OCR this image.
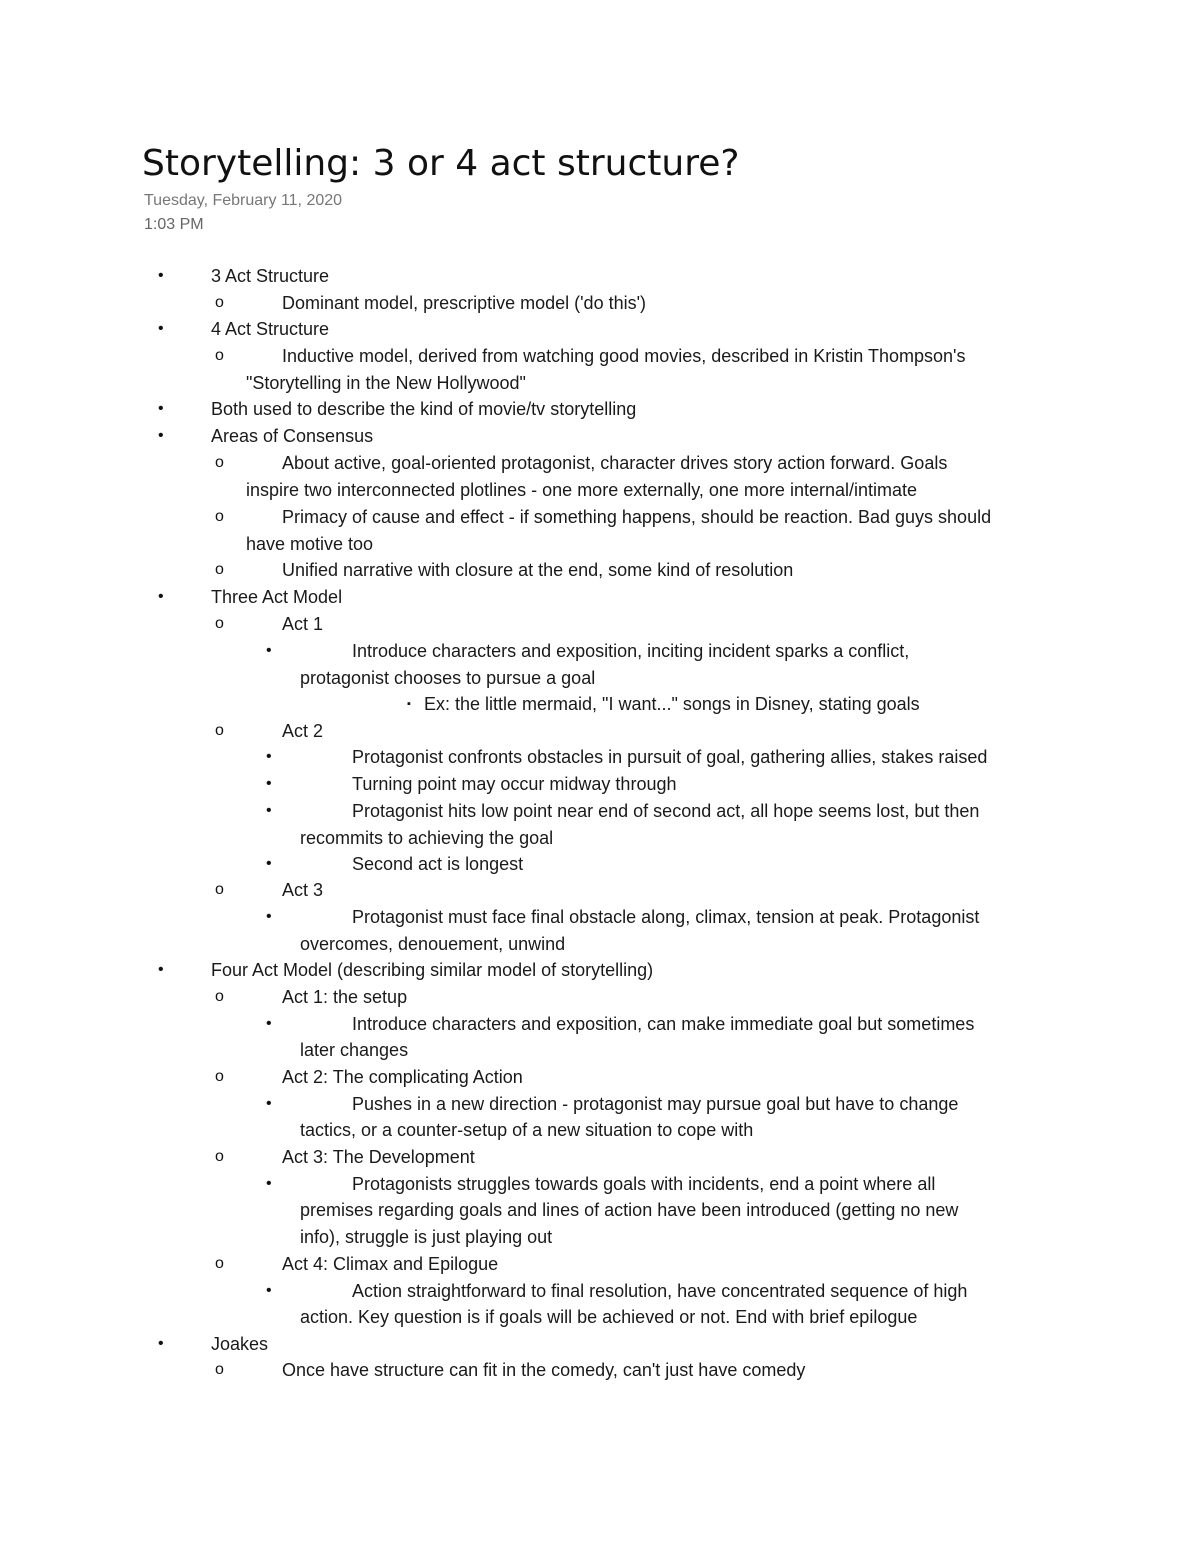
Storytelling: 3 or 4 act structure?
Tuesday, February 11, 2020
1:03 PM
•	3 Act Structure
o	Dominant model, prescriptive model ('do this')
•	4 Act Structure
o	Inductive model, derived from watching good movies, described in Kristin Thompson's
"Storytelling in the New Hollywood"
•	Both used to describe the kind of movie/tv storytelling
•	Areas of Consensus
o	About active, goal-oriented protagonist, character drives story action forward. Goals
inspire two interconnected plotlines - one more externally, one more internal/intimate
o	Primacy of cause and effect - if something happens, should be reaction. Bad guys should
have motive too
o	Unified narrative with closure at the end, some kind of resolution
•	Three Act Model
o	Act 1
•	Introduce characters and exposition, inciting incident sparks a conflict,
protagonist chooses to pursue a goal
▪ Ex: the little mermaid, "I want..." songs in Disney, stating goals
o	Act 2
•	Protagonist confronts obstacles in pursuit of goal, gathering allies, stakes raised
•	Turning point may occur midway through
•	Protagonist hits low point near end of second act, all hope seems lost, but then
recommits to achieving the goal
•	Second act is longest
o	Act 3
•	Protagonist must face final obstacle along, climax, tension at peak. Protagonist
overcomes, denouement, unwind
•	Four Act Model (describing similar model of storytelling)
o	Act 1: the setup
•	Introduce characters and exposition, can make immediate goal but sometimes
later changes
o	Act 2: The complicating Action
•	Pushes in a new direction - protagonist may pursue goal but have to change
tactics, or a counter-setup of a new situation to cope with
o	Act 3: The Development
•	Protagonists struggles towards goals with incidents, end a point where all
premises regarding goals and lines of action have been introduced (getting no new
info), struggle is just playing out
o	Act 4: Climax and Epilogue
•	Action straightforward to final resolution, have concentrated sequence of high
action. Key question is if goals will be achieved or not. End with brief epilogue
•	Joakes
o	Once have structure can fit in the comedy, can't just have comedy
